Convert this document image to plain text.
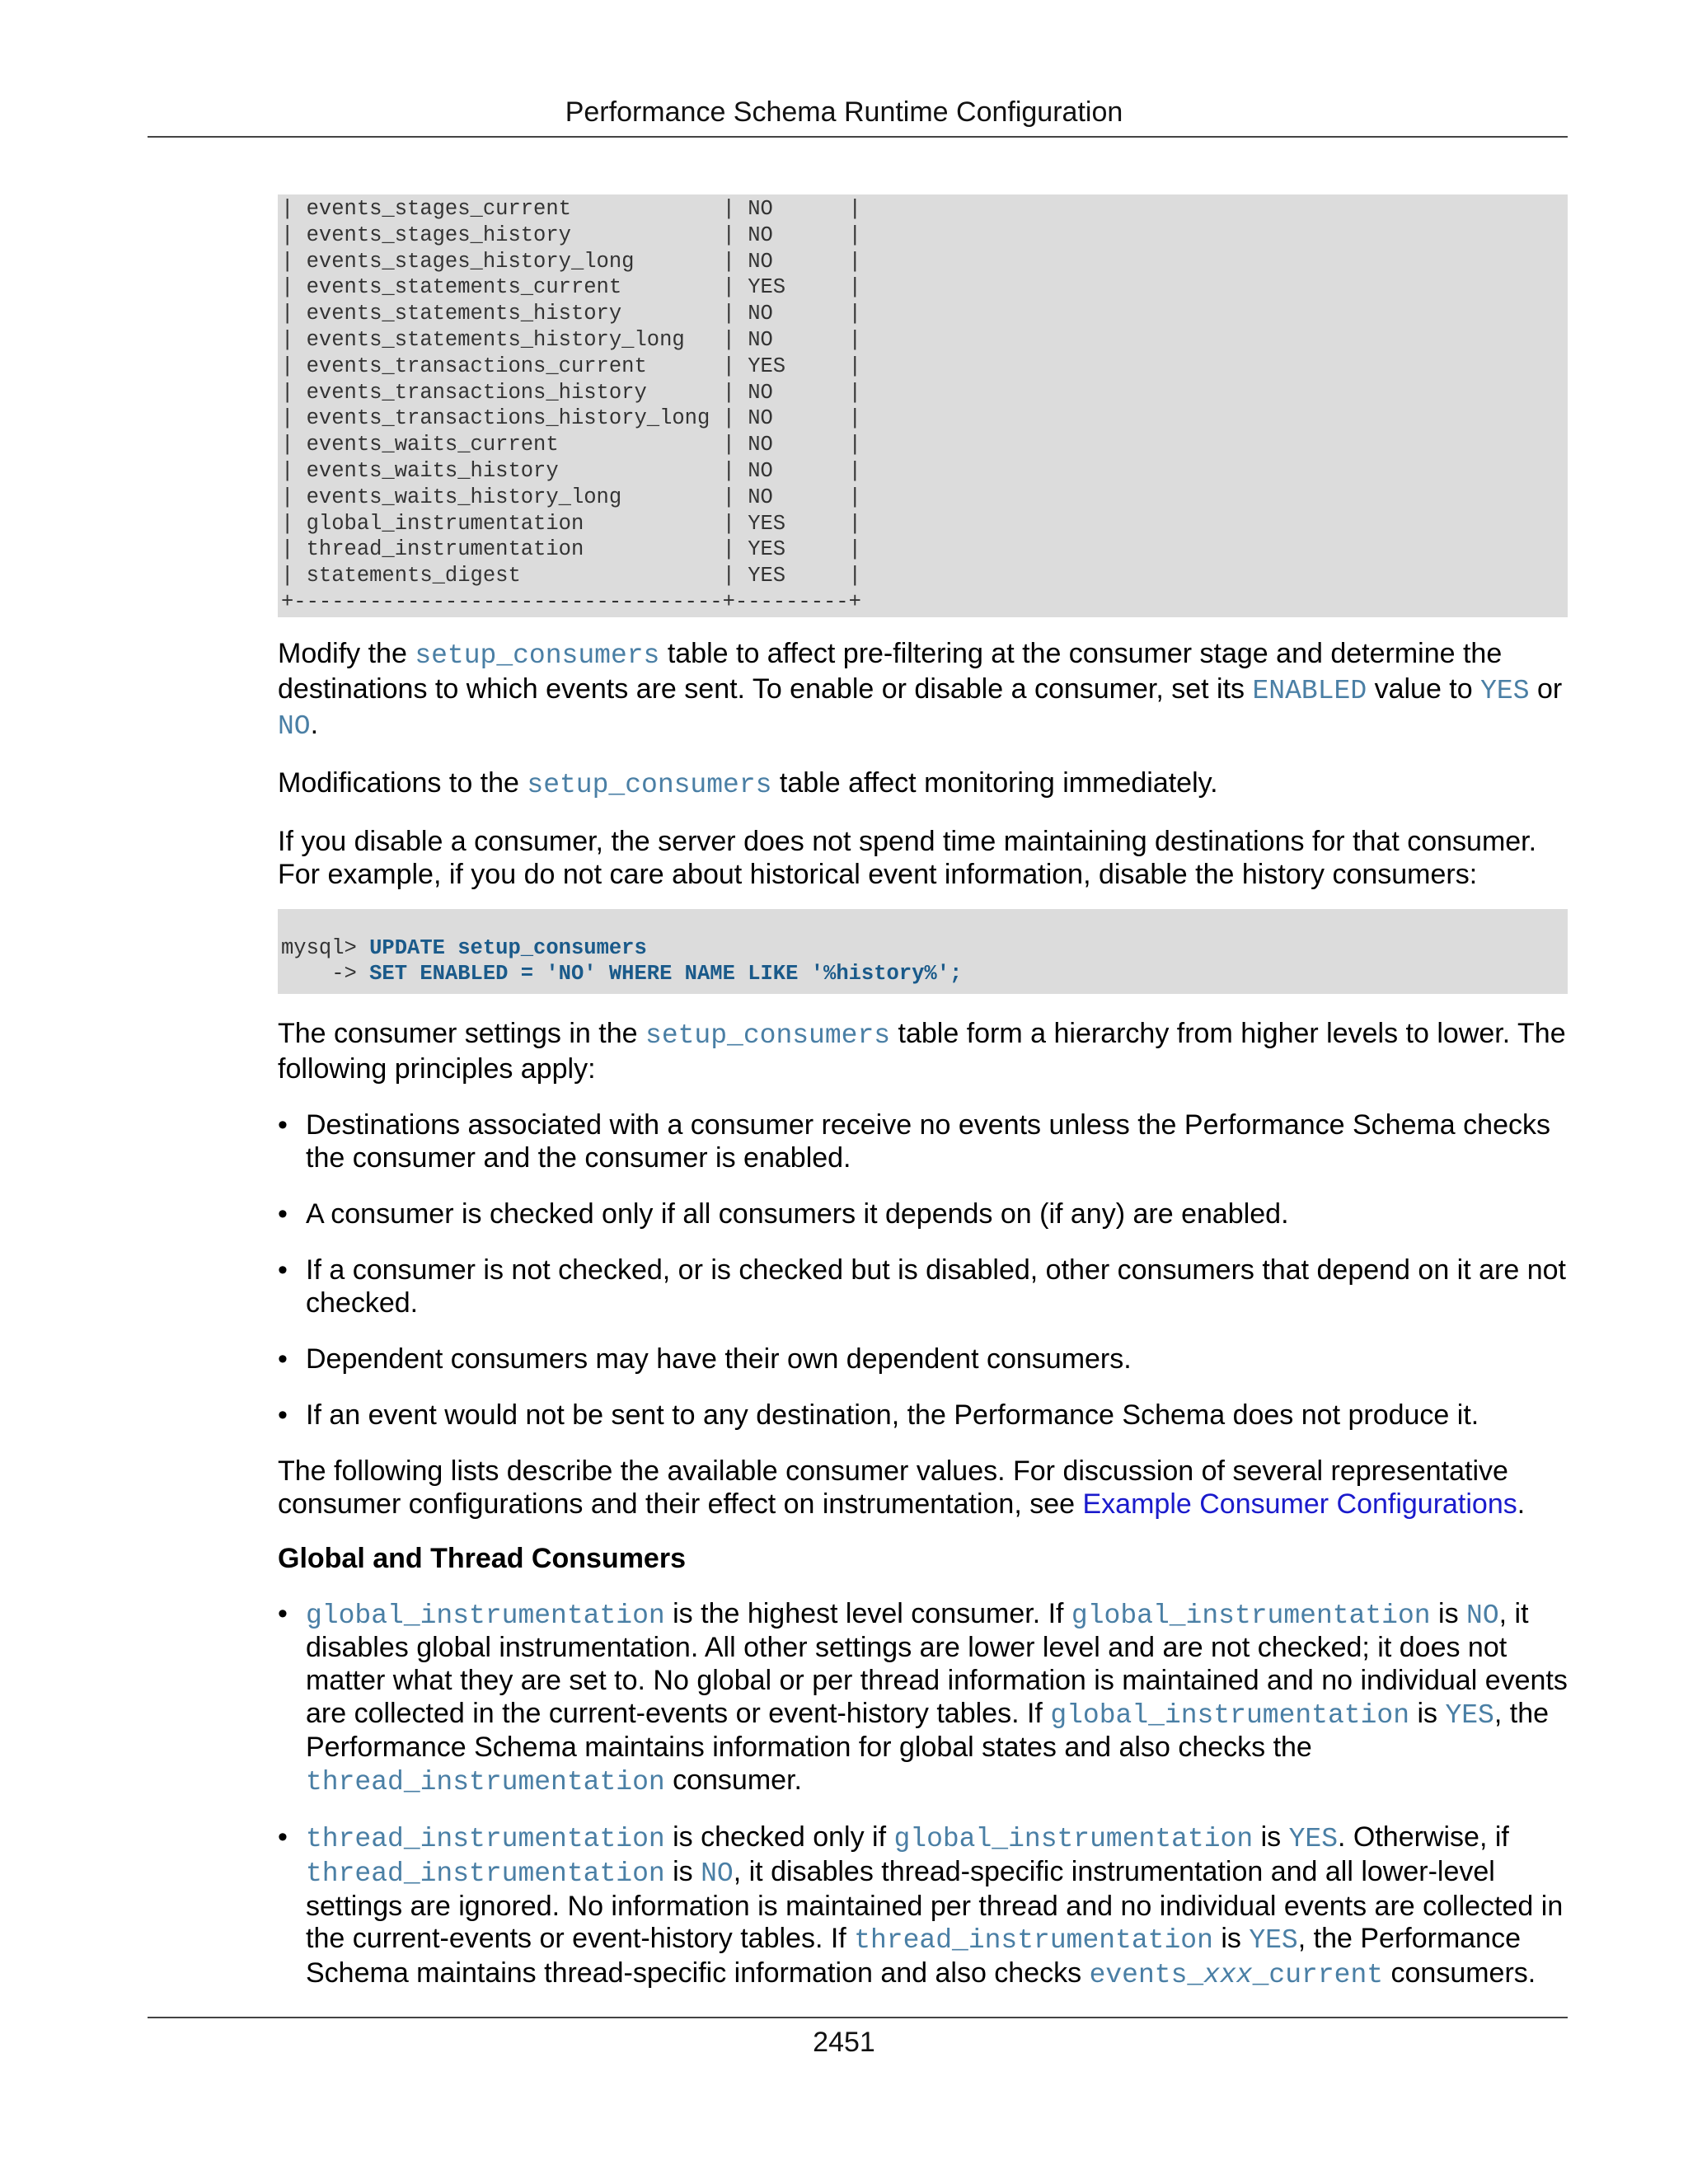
Performance Schema Runtime Configuration
| events_stages_current            | NO      |
| events_stages_history            | NO      |
| events_stages_history_long       | NO      |
| events_statements_current        | YES     |
| events_statements_history        | NO      |
| events_statements_history_long   | NO      |
| events_transactions_current      | YES     |
| events_transactions_history      | NO      |
| events_transactions_history_long | NO      |
| events_waits_current             | NO      |
| events_waits_history             | NO      |
| events_waits_history_long        | NO      |
| global_instrumentation           | YES     |
| thread_instrumentation           | YES     |
| statements_digest                | YES     |
+----------------------------------+---------+

Modify the setup_consumers table to affect pre-filtering at the consumer stage and determine the destinations to which events are sent. To enable or disable a consumer, set its ENABLED value to YES or NO.

Modifications to the setup_consumers table affect monitoring immediately.

If you disable a consumer, the server does not spend time maintaining destinations for that consumer. For example, if you do not care about historical event information, disable the history consumers:

mysql> UPDATE setup_consumers
-> SET ENABLED = 'NO' WHERE NAME LIKE '%history%';

The consumer settings in the setup_consumers table form a hierarchy from higher levels to lower. The following principles apply:

• Destinations associated with a consumer receive no events unless the Performance Schema checks the consumer and the consumer is enabled.
• A consumer is checked only if all consumers it depends on (if any) are enabled.
• If a consumer is not checked, or is checked but is disabled, other consumers that depend on it are not checked.
• Dependent consumers may have their own dependent consumers.
• If an event would not be sent to any destination, the Performance Schema does not produce it.

The following lists describe the available consumer values. For discussion of several representative consumer configurations and their effect on instrumentation, see Example Consumer Configurations.

Global and Thread Consumers
• global_instrumentation is the highest level consumer. If global_instrumentation is NO, it disables global instrumentation. All other settings are lower level and are not checked; it does not matter what they are set to. No global or per thread information is maintained and no individual events are collected in the current-events or event-history tables. If global_instrumentation is YES, the Performance Schema maintains information for global states and also checks the thread_instrumentation consumer.
• thread_instrumentation is checked only if global_instrumentation is YES. Otherwise, if thread_instrumentation is NO, it disables thread-specific instrumentation and all lower-level settings are ignored. No information is maintained per thread and no individual events are collected in the current-events or event-history tables. If thread_instrumentation is YES, the Performance Schema maintains thread-specific information and also checks events_xxx_current consumers.
2451
